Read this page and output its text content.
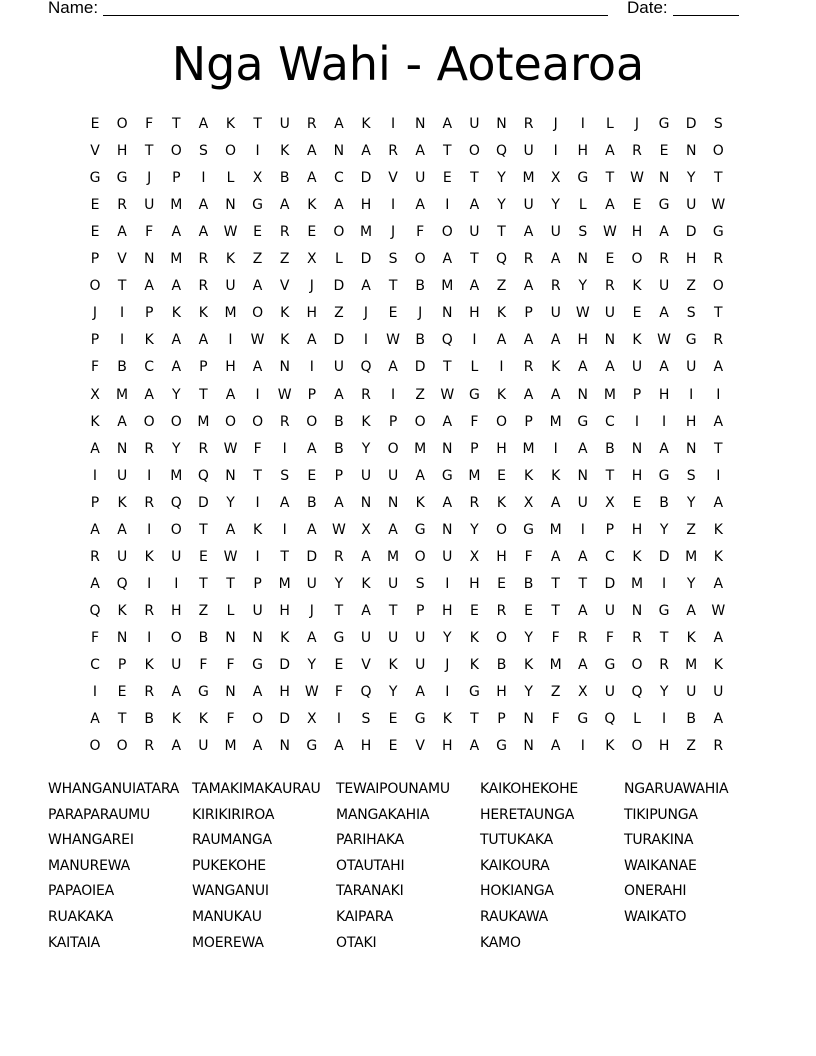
Name:	Date:
Nga Wahi - Aotearoa
E	O	F	T	A	K	T	U	R	A	K	I	N	A	U	N	R	J	I	L	J	G	D	S
V	H	T	O	S	O	I	K	A	N	A	R	A	T	O	Q	U	I	H	A	R	E	N	O
G	G	J	P	I	L	X	B	A	C	D	V	U	E	T	Y	M	X	G	T	W	N	Y	T
E	R	U	M	A	N	G	A	K	A	H	I	A	I	A	Y	U	Y	L	A	E	G	U	W
E	A	F	A	A	W	E	R	E	O	M	J	F	O	U	T	A	U	S	W	H	A	D	G
P	V	N	M	R	K	Z	Z	X	L	D	S	O	A	T	Q	R	A	N	E	O	R	H	R
O	T	A	A	R	U	A	V	J	D	A	T	B	M	A	Z	A	R	Y	R	K	U	Z	O
J	I	P	K	K	M	O	K	H	Z	J	E	J	N	H	K	P	U	W	U	E	A	S	T
P	I	K	A	A	I	W	K	A	D	I	W	B	Q	I	A	A	A	H	N	K	W	G	R
F	B	C	A	P	H	A	N	I	U	Q	A	D	T	L	I	R	K	A	A	U	A	U	A
X	M	A	Y	T	A	I	W	P	A	R	I	Z	W	G	K	A	A	N	M	P	H	I	I
K	A	O	O	M	O	O	R	O	B	K	P	O	A	F	O	P	M	G	C	I	I	H	A
A	N	R	Y	R	W	F	I	A	B	Y	O	M	N	P	H	M	I	A	B	N	A	N	T
I	U	I	M	Q	N	T	S	E	P	U	U	A	G	M	E	K	K	N	T	H	G	S	I
P	K	R	Q	D	Y	I	A	B	A	N	N	K	A	R	K	X	A	U	X	E	B	Y	A
A	A	I	O	T	A	K	I	A	W	X	A	G	N	Y	O	G	M	I	P	H	Y	Z	K
R	U	K	U	E	W	I	T	D	R	A	M	O	U	X	H	F	A	A	C	K	D	M	K
A	Q	I	I	T	T	P	M	U	Y	K	U	S	I	H	E	B	T	T	D	M	I	Y	A
Q	K	R	H	Z	L	U	H	J	T	A	T	P	H	E	R	E	T	A	U	N	G	A	W
F	N	I	O	B	N	N	K	A	G	U	U	U	Y	K	O	Y	F	R	F	R	T	K	A
C	P	K	U	F	F	G	D	Y	E	V	K	U	J	K	B	K	M	A	G	O	R	M	K
I	E	R	A	G	N	A	H	W	F	Q	Y	A	I	G	H	Y	Z	X	U	Q	Y	U	U
A	T	B	K	K	F	O	D	X	I	S	E	G	K	T	P	N	F	G	Q	L	I	B	A
O	O	R	A	U	M	A	N	G	A	H	E	V	H	A	G	N	A	I	K	O	H	Z	R
WHANGANUIATARA TAMAKIMAKAURAU TEWAIPOUNAMU KAIKOHEKOHE	NGARUAWAHIA
PARAPARAUMU	KIRIKIRIROA	MANGAKAHIA	HERETAUNGA	TIKIPUNGA
WHANGAREI	RAUMANGA	PARIHAKA	TUTUKAKA	TURAKINA
MANUREWA	PUKEKOHE	OTAUTAHI	KAIKOURA	WAIKANAE
PAPAOIEA	WANGANUI	TARANAKI	HOKIANGA	ONERAHI
RUAKAKA	MANUKAU	KAIPARA	RAUKAWA	WAIKATO
KAITAIA	MOEREWA	OTAKI	KAMO
